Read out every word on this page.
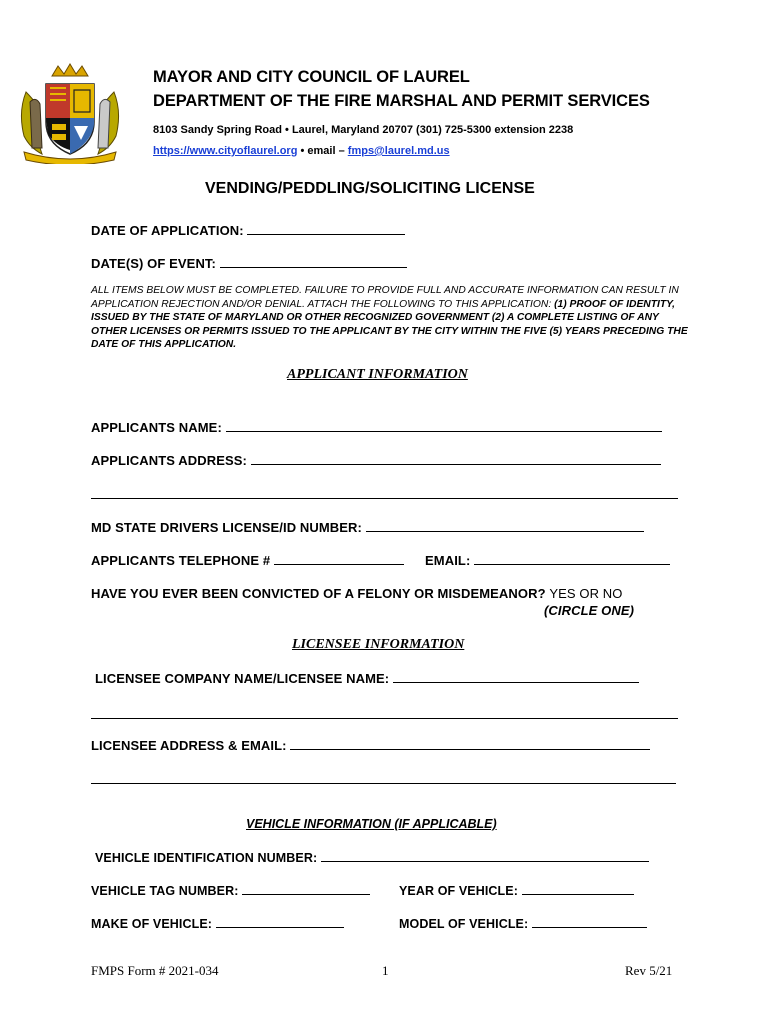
MAYOR AND CITY COUNCIL OF LAUREL
DEPARTMENT OF THE FIRE MARSHAL AND PERMIT SERVICES
8103 Sandy Spring Road • Laurel, Maryland 20707 (301) 725-5300 extension 2238
https://www.cityoflaurel.org • email – fmps@laurel.md.us
VENDING/PEDDLING/SOLICITING LICENSE
DATE OF APPLICATION:
DATE(S) OF EVENT:
ALL ITEMS BELOW MUST BE COMPLETED. FAILURE TO PROVIDE FULL AND ACCURATE INFORMATION CAN RESULT IN APPLICATION REJECTION AND/OR DENIAL. ATTACH THE FOLLOWING TO THIS APPLICATION: (1) PROOF OF IDENTITY, ISSUED BY THE STATE OF MARYLAND OR OTHER RECOGNIZED GOVERNMENT (2) A COMPLETE LISTING OF ANY OTHER LICENSES OR PERMITS ISSUED TO THE APPLICANT BY THE CITY WITHIN THE FIVE (5) YEARS PRECEDING THE DATE OF THIS APPLICATION.
APPLICANT INFORMATION
APPLICANTS NAME:
APPLICANTS ADDRESS:
MD STATE DRIVERS LICENSE/ID NUMBER:
APPLICANTS TELEPHONE #	EMAIL:
HAVE YOU EVER BEEN CONVICTED OF A FELONY OR MISDEMEANOR? YES OR NO
(CIRCLE ONE)
LICENSEE INFORMATION
LICENSEE COMPANY NAME/LICENSEE NAME:
LICENSEE ADDRESS & EMAIL:
VEHICLE INFORMATION (IF APPLICABLE)
VEHICLE IDENTIFICATION NUMBER:
VEHICLE TAG NUMBER:	YEAR OF VEHICLE:
MAKE OF VEHICLE:	MODEL OF VEHICLE:
FMPS Form # 2021-034	1	Rev 5/21
